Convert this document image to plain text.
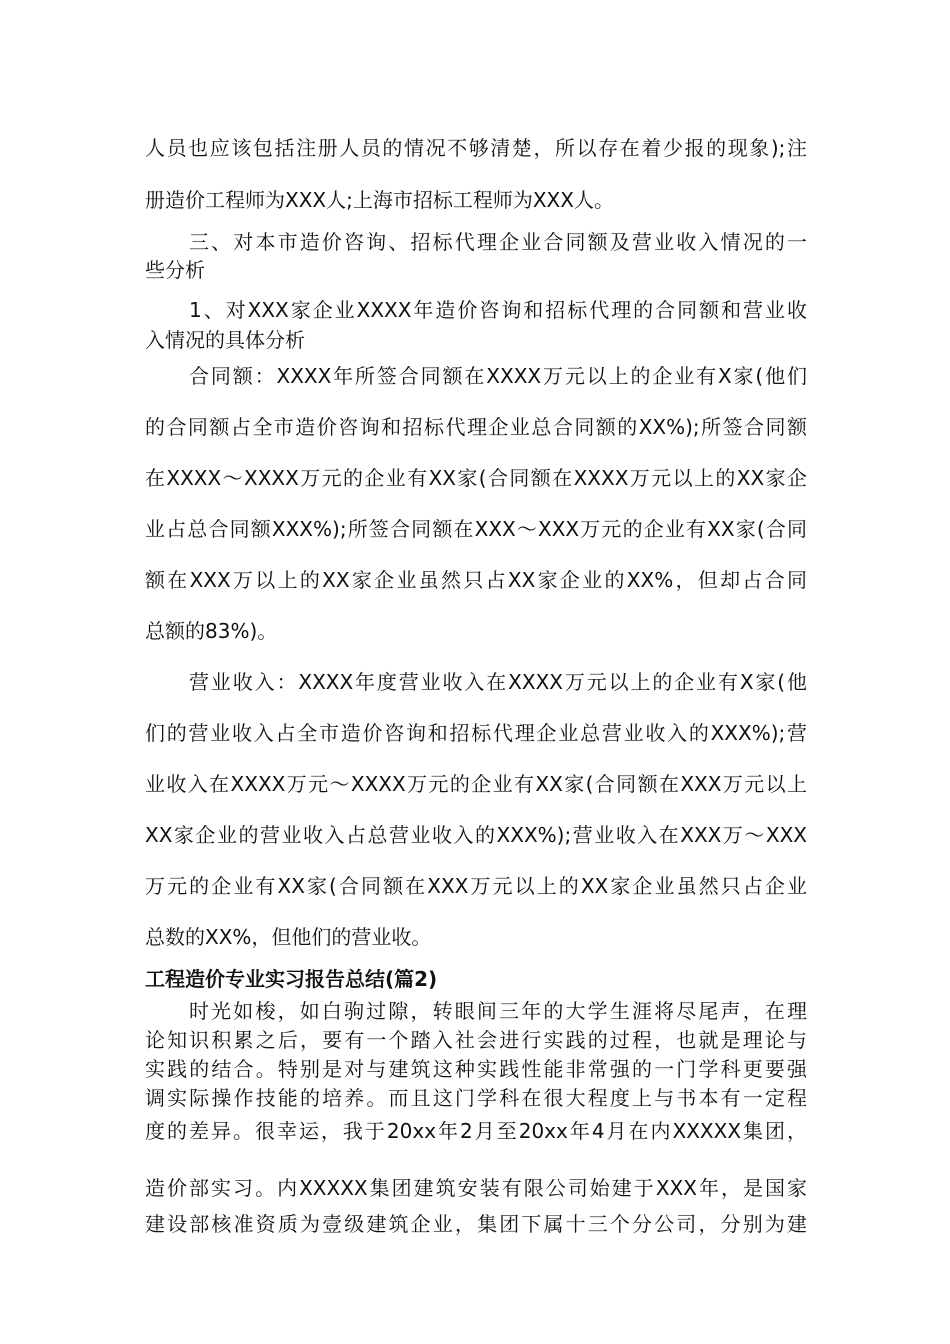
人员也应该包括注册人员的情况不够清楚，所以存在着少报的现象);注
册造价工程师为XXX人;上海市招标工程师为XXX人。
三、对本市造价咨询、招标代理企业合同额及营业收入情况的一
些分析
1、对XXX家企业XXXX年造价咨询和招标代理的合同额和营业收
入情况的具体分析
合同额：XXXX年所签合同额在XXXX万元以上的企业有X家(他们
的合同额占全市造价咨询和招标代理企业总合同额的XX%);所签合同额
在XXXX～XXXX万元的企业有XX家(合同额在XXXX万元以上的XX家企
业占总合同额XXX%);所签合同额在XXX～XXX万元的企业有XX家(合同
额在XXX万以上的XX家企业虽然只占XX家企业的XX%，但却占合同
总额的83%)。
营业收入：XXXX年度营业收入在XXXX万元以上的企业有X家(他
们的营业收入占全市造价咨询和招标代理企业总营业收入的XXX%);营
业收入在XXXX万元～XXXX万元的企业有XX家(合同额在XXX万元以上
XX家企业的营业收入占总营业收入的XXX%);营业收入在XXX万～XXX
万元的企业有XX家(合同额在XXX万元以上的XX家企业虽然只占企业
总数的XX%，但他们的营业收。
工程造价专业实习报告总结(篇2)
时光如梭，如白驹过隙，转眼间三年的大学生涯将尽尾声，在理
论知识积累之后，要有一个踏入社会进行实践的过程，也就是理论与
实践的结合。特别是对与建筑这种实践性能非常强的一门学科更要强
调实际操作技能的培养。而且这门学科在很大程度上与书本有一定程
度的差异。很幸运，我于20xx年2月至20xx年4月在内XXXXX集团，
造价部实习。内XXXXX集团建筑安装有限公司始建于XXX年，是国家
建设部核准资质为壹级建筑企业，集团下属十三个分公司，分别为建
